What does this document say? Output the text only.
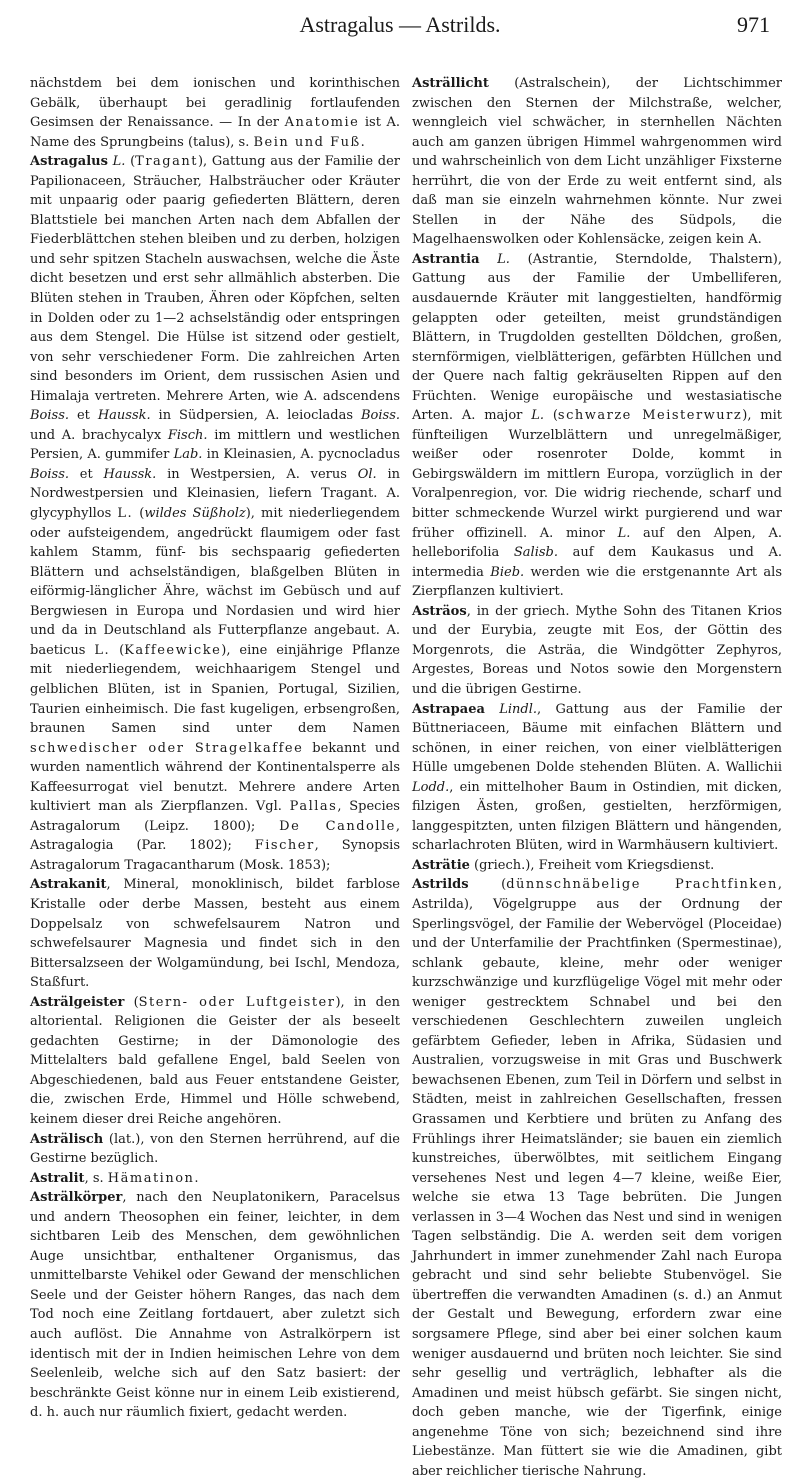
Astragalus — Astrilds.	971

nächstdem bei dem ionischen und korinthischen Gebälk, überhaupt bei geradlinig fortlaufenden Gesimsen der Renaissance. — In der Anatomie ist A. Name des Sprungbeins (talus), s. Bein und Fuß.

Astragalus L. (Tragant), Gattung aus der Familie der Papilionaceen, Sträucher, Halbsträucher oder Kräuter mit unpaarig oder paarig gefiederten Blättern, deren Blattstiele bei manchen Arten nach dem Abfallen der Fiederblättchen stehen bleiben und zu derben, holzigen und sehr spitzen Stacheln auswachsen, welche die Äste dicht besetzen und erst sehr allmählich absterben. Die Blüten stehen in Trauben, Ähren oder Köpfchen, selten in Dolden oder zu 1—2 achselständig oder entspringen aus dem Stengel. Die Hülse ist sitzend oder gestielt, von sehr verschiedener Form. Die zahlreichen Arten sind besonders im Orient, dem russischen Asien und Himalaja vertreten. Mehrere Arten, wie A. adscendens Boiss. et Haussk. in Südpersien, A. leiocladas Boiss. und A. brachycalyx Fisch. im mittlern und westlichen Persien, A. gummifer Lab. in Kleinasien, A. pycnocladus Boiss. et Haussk. in Westpersien, A. verus Ol. in Nordwestpersien und Kleinasien, liefern Tragant. A. glycyphyllos L. (wildes Süßholz), mit niederliegendem oder aufsteigendem, angedrückt flaumigem oder fast kahlem Stamm, fünf- bis sechspaarig gefiederten Blättern und achselständigen, blaßgelben Blüten in eiförmig-länglicher Ähre, wächst im Gebüsch und auf Bergwiesen in Europa und Nordasien und wird hier und da in Deutschland als Futterpflanze angebaut. A. baeticus L. (Kaffeewicke), eine einjährige Pflanze mit niederliegendem, weichhaarigem Stengel und gelblichen Blüten, ist in Spanien, Portugal, Sizilien, Taurien einheimisch. Die fast kugeligen, erbsengroßen, braunen Samen sind unter dem Namen schwedischer oder Stragelkaffee bekannt und wurden namentlich während der Kontinentalsperre als Kaffeesurrogat viel benutzt. Mehrere andere Arten kultiviert man als Zierpflanzen. Vgl. Pallas, Species Astragalorum (Leipz. 1800); De Candolle, Astragalogia (Par. 1802); Fischer, Synopsis Astragalorum Tragacantharum (Mosk. 1853);

Astrakanit, Mineral, monoklinisch, bildet farblose Kristalle oder derbe Massen, besteht aus einem Doppelsalz von schwefelsaurem Natron und schwefelsaurer Magnesia und findet sich in den Bittersalzseen der Wolgamündung, bei Ischl, Mendoza, Staßfurt.

Asträlgeister (Stern- oder Luftgeister), in den altoriental. Religionen die Geister der als beseelt gedachten Gestirne; in der Dämonologie des Mittelalters bald gefallene Engel, bald Seelen von Abgeschiedenen, bald aus Feuer entstandene Geister, die, zwischen Erde, Himmel und Hölle schwebend, keinem dieser drei Reiche angehören.

Asträlisch (lat.), von den Sternen herrührend, auf die Gestirne bezüglich.

Astralit, s. Hämatinon.

Asträlkörper, nach den Neuplatonikern, Paracelsus und andern Theosophen ein feiner, leichter, in dem sichtbaren Leib des Menschen, dem gewöhnlichen Auge unsichtbar, enthaltener Organismus, das unmittelbarste Vehikel oder Gewand der menschlichen Seele und der Geister höhern Ranges, das nach dem Tod noch eine Zeitlang fortdauert, aber zuletzt sich auch auflöst. Die Annahme von Astralkörpern ist identisch mit der in Indien heimischen Lehre von dem Seelenleib, welche sich auf den Satz basiert: der beschränkte Geist könne nur in einem Leib existierend, d. h. auch nur räumlich fixiert, gedacht werden.

Asträllicht (Astralschein), der Lichtschimmer zwischen den Sternen der Milchstraße, welcher, wenngleich viel schwächer, in sternhellen Nächten auch am ganzen übrigen Himmel wahrgenommen wird und wahrscheinlich von dem Licht unzähliger Fixsterne herrührt, die von der Erde zu weit entfernt sind, als daß man sie einzeln wahrnehmen könnte. Nur zwei Stellen in der Nähe des Südpols, die Magelhaenswolken oder Kohlensäcke, zeigen kein A.

Astrantia L. (Astrantie, Sterndolde, Thalstern), Gattung aus der Familie der Umbelliferen, ausdauernde Kräuter mit langgestielten, handförmig gelappten oder geteilten, meist grundständigen Blättern, in Trugdolden gestellten Döldchen, großen, sternförmigen, vielblätterigen, gefärbten Hüllchen und der Quere nach faltig gekräuselten Rippen auf den Früchten. Wenige europäische und westasiatische Arten. A. major L. (schwarze Meisterwurz), mit fünfteiligen Wurzelblättern und unregelmäßiger, weißer oder rosenroter Dolde, kommt in Gebirgswäldern im mittlern Europa, vorzüglich in der Voralpenregion, vor. Die widrig riechende, scharf und bitter schmeckende Wurzel wirkt purgierend und war früher offizinell. A. minor L. auf den Alpen, A. helleborifolia Salisb. auf dem Kaukasus und A. intermedia Bieb. werden wie die erstgenannte Art als Zierpflanzen kultiviert.

Asträos, in der griech. Mythe Sohn des Titanen Krios und der Eurybia, zeugte mit Eos, der Göttin des Morgenrots, die Asträa, die Windgötter Zephyros, Argestes, Boreas und Notos sowie den Morgenstern und die übrigen Gestirne.

Astrapaea Lindl., Gattung aus der Familie der Büttneriaceen, Bäume mit einfachen Blättern und schönen, in einer reichen, von einer vielblätterigen Hülle umgebenen Dolde stehenden Blüten. A. Wallichii Lodd., ein mittelhoher Baum in Ostindien, mit dicken, filzigen Ästen, großen, gestielten, herzförmigen, langgespitzten, unten filzigen Blättern und hängenden, scharlachroten Blüten, wird in Warmhäusern kultiviert.

Asträtie (griech.), Freiheit vom Kriegsdienst.

Astrilds (dünnschnäbelige Prachtfinken, Astrilda), Vögelgruppe aus der Ordnung der Sperlingsvögel, der Familie der Webervögel (Ploceidae) und der Unterfamilie der Prachtfinken (Spermestinae), schlank gebaute, kleine, mehr oder weniger kurzschwänzige und kurzflügelige Vögel mit mehr oder weniger gestrecktem Schnabel und bei den verschiedenen Geschlechtern zuweilen ungleich gefärbtem Gefieder, leben in Afrika, Südasien und Australien, vorzugsweise in mit Gras und Buschwerk bewachsenen Ebenen, zum Teil in Dörfern und selbst in Städten, meist in zahlreichen Gesellschaften, fressen Grassamen und Kerbtiere und brüten zu Anfang des Frühlings ihrer Heimatsländer; sie bauen ein ziemlich kunstreiches, überwölbtes, mit seitlichem Eingang versehenes Nest und legen 4—7 kleine, weiße Eier, welche sie etwa 13 Tage bebrüten. Die Jungen verlassen in 3—4 Wochen das Nest und sind in wenigen Tagen selbständig. Die A. werden seit dem vorigen Jahrhundert in immer zunehmender Zahl nach Europa gebracht und sind sehr beliebte Stubenvögel. Sie übertreffen die verwandten Amadinen (s. d.) an Anmut der Gestalt und Bewegung, erfordern zwar eine sorgsamere Pflege, sind aber bei einer solchen kaum weniger ausdauernd und brüten noch leichter. Sie sind sehr gesellig und verträglich, lebhafter als die Amadinen und meist hübsch gefärbt. Sie singen nicht, doch geben manche, wie der Tigerfink, einige angenehme Töne von sich; bezeichnend sind ihre Liebestänze. Man füttert sie wie die Amadinen, gibt aber reichlicher tierische Nahrung.
